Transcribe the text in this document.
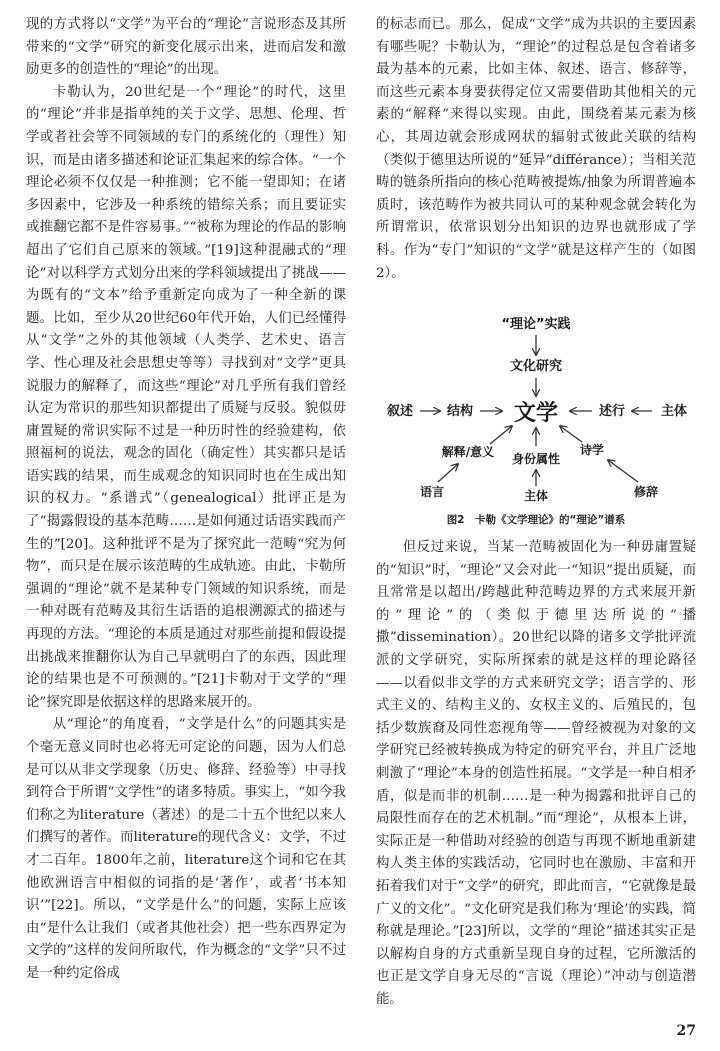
现的方式将以“文学”为平台的“理论”言说形态及其所带来的“文学”研究的新变化展示出来，进而启发和激励更多的创造性的“理论”的出现。

卡勒认为，20世纪是一个“理论”的时代，这里的“理论”并非是指单纯的关于文学、思想、伦理、哲学或者社会等不同领域的专门的系统化的（理性）知识，而是由诸多描述和论证汇集起来的综合体。“一个理论必须不仅仅是一种推测；它不能一望即知；在诸多因素中，它涉及一种系统的错综关系；而且要证实或推翻它都不是件容易事。”“被称为理论的作品的影响超出了它们自己原来的领域。”[19]这种混融式的“理论”对以科学方式划分出来的学科领域提出了挑战——为既有的“文本”给予重新定向成为了一种全新的课题。比如，至少从20世纪60年代开始，人们已经懂得从“文学”之外的其他领域（人类学、艺术史、语言学、性心理及社会思想史等等）寻找到对“文学”更具说服力的解释了，而这些“理论”对几乎所有我们曾经认定为常识的那些知识都提出了质疑与反驳。貌似毋庸置疑的常识实际不过是一种历时性的经验建构，依照福柯的说法，观念的固化（确定性）其实都只是话语实践的结果，而生成观念的知识同时也在生成出知识的权力。“系谱式”（genealogical）批评正是为了“揭露假设的基本范畴……是如何通过话语实践而产生的”[20]。这种批评不是为了探究此一范畴“究为何物”，而只是在展示该范畴的生成轨迹。由此，卡勒所强调的“理论”就不是某种专门领域的知识系统，而是一种对既有范畴及其衍生话语的追根溯源式的描述与再现的方法。“理论的本质是通过对那些前提和假设提出挑战来推翻你认为自己早就明白了的东西，因此理论的结果也是不可预测的。”[21]卡勒对于文学的“理论”探究即是依据这样的思路来展开的。

从“理论”的角度看，“文学是什么”的问题其实是个毫无意义同时也必将无可定论的问题，因为人们总是可以从非文学现象（历史、修辞、经验等）中寻找到符合于所谓“文学性”的诸多特质。事实上，“如今我们称之为literature（著述）的是二十五个世纪以来人们撰写的著作。而literature的现代含义：文学，不过才二百年。1800年之前，literature这个词和它在其他欧洲语言中相似的词指的是‘著作’，或者‘书本知识’”[22]。所以，“文学是什么”的问题，实际上应该由“是什么让我们（或者其他社会）把一些东西界定为文学的”这样的发问所取代，作为概念的“文学”只不过是一种约定俗成

的标志而已。那么，促成“文学”成为共识的主要因素有哪些呢？卡勒认为，“理论”的过程总是包含着诸多最为基本的元素，比如主体、叙述、语言、修辞等，而这些元素本身要获得定位又需要借助其他相关的元素的“解释”来得以实现。由此，围绕着某元素为核心，其周边就会形成网状的辐射式彼此关联的结构（类似于德里达所说的“延异”différance）；当相关范畴的链条所指向的核心范畴被提炼/抽象为所谓普遍本质时，该范畴作为被共同认可的某种观念就会转化为所谓常识，依常识划分出知识的边界也就形成了学科。作为“专门”知识的“文学”就是这样产生的（如图2）。

“理论”实践
文化研究
文学
叙述	结构	述行	主体
解释/意义 身份属性
诗学
语言	主体	修辞
图2　卡勒《文学理论》的“理论”谱系

但反过来说，当某一范畴被固化为一种毋庸置疑的“知识”时，“理论”又会对此一“知识”提出质疑，而且常常是以超出/跨越此种范畴边界的方式来展开新的“理论”的（类似于德里达所说的“播撒”dissemination）。20世纪以降的诸多文学批评流派的文学研究，实际所探索的就是这样的理论路径——以看似非文学的方式来研究文学；语言学的、形式主义的、结构主义的、女权主义的、后殖民的，包括少数族裔及同性恋视角等——曾经被视为对象的文学研究已经被转换成为特定的研究平台，并且广泛地刺激了“理论”本身的创造性拓展。“文学是一种自相矛盾，似是而非的机制……是一种为揭露和批评自己的局限性而存在的艺术机制。”而“理论”，从根本上讲，实际正是一种借助对经验的创造与再现不断地重新建构人类主体的实践活动，它同时也在激励、丰富和开拓着我们对于“文学”的研究，即此而言，“它就像是最广义的文化”。“文化研究是我们称为‘理论’的实践，简称就是理论。”[23]所以，文学的“理论”描述其实正是以解构自身的方式重新呈现自身的过程，它所激活的也正是文学自身无尽的“言说（理论）”冲动与创造潜能。

27
